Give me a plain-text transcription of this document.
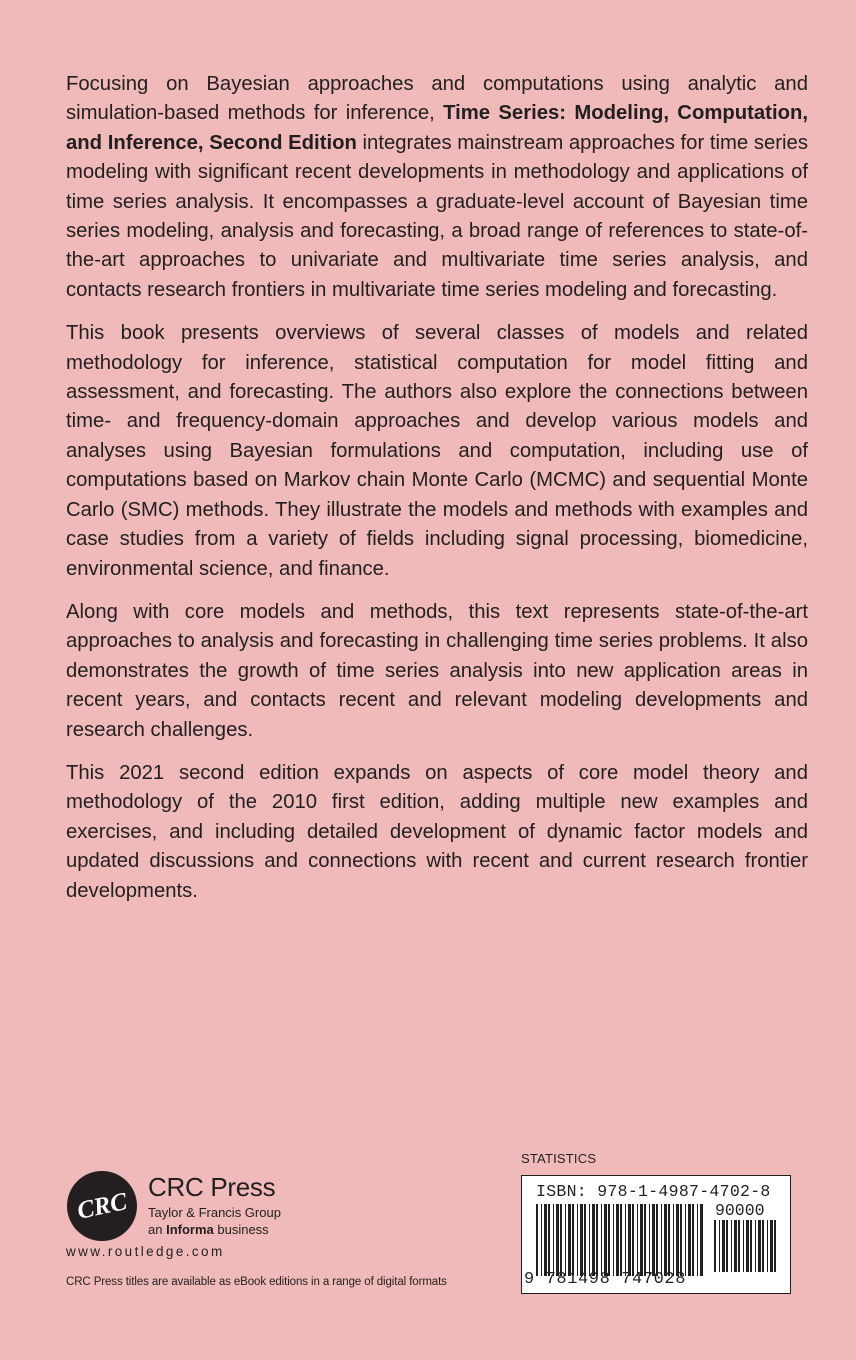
Focusing on Bayesian approaches and computations using analytic and simulation-based methods for inference, Time Series: Modeling, Computation, and Inference, Second Edition integrates mainstream approaches for time series modeling with significant recent developments in methodology and applications of time series analysis. It encompasses a graduate-level account of Bayesian time series modeling, analysis and forecasting, a broad range of references to state-of-the-art approaches to univariate and multivariate time series analysis, and contacts research frontiers in multivariate time series modeling and forecasting.

This book presents overviews of several classes of models and related methodology for inference, statistical computation for model fitting and assessment, and forecasting. The authors also explore the connections between time- and frequency-domain approaches and develop various models and analyses using Bayesian formulations and computation, including use of computations based on Markov chain Monte Carlo (MCMC) and sequential Monte Carlo (SMC) methods. They illustrate the models and methods with examples and case studies from a variety of fields including signal processing, biomedicine, environmental science, and finance.

Along with core models and methods, this text represents state-of-the-art approaches to analysis and forecasting in challenging time series problems. It also demonstrates the growth of time series analysis into new application areas in recent years, and contacts recent and relevant modeling developments and research challenges.

This 2021 second edition expands on aspects of core model theory and methodology of the 2010 first edition, adding multiple new examples and exercises, and including detailed development of dynamic factor models and updated discussions and connections with recent and current research frontier developments.

CRC
CRC Press
Taylor & Francis Group
an Informa business
www.routledge.com
CRC Press titles are available as eBook editions in a range of digital formats
STATISTICS
ISBN: 978-1-4987-4702-8
90000
9 781498 747028
